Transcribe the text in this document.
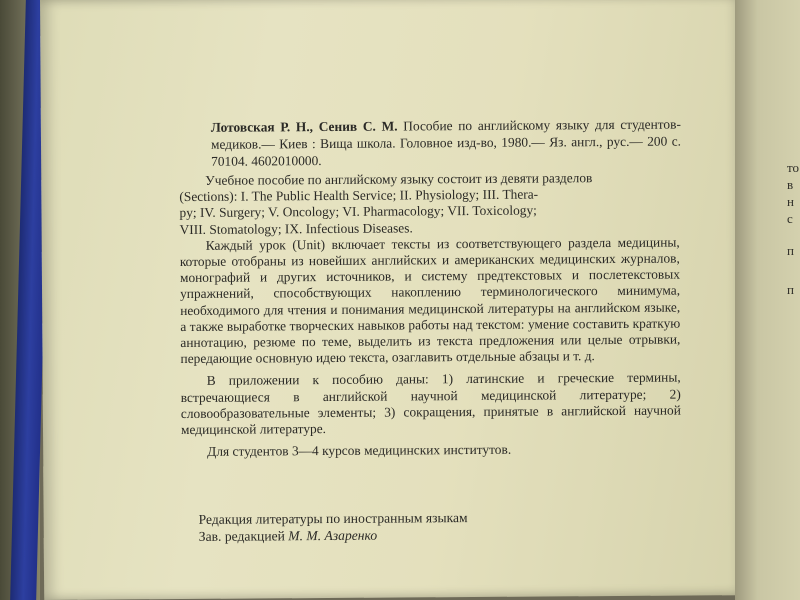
Лотовская Р. Н., Сенив С. М. Пособие по английскому языку для студентов-медиков.— Киев : Вища школа. Головное изд-во, 1980.— Яз. англ., рус.— 200 с. 70104. 4602010000.

Учебное пособие по английскому языку состоит из девяти разделов

(Sections): I. The Public Health Service; II. Physiology; III. Thera-

py; IV. Surgery; V. Oncology; VI. Pharmacology; VII. Toxicology;

VIII. Stomatology; IX. Infectious Diseases.

Каждый урок (Unit) включает тексты из соответствующего раздела медицины, которые отобраны из новейших английских и американских медицинских журналов, монографий и других источников, и систему предтекстовых и послетекстовых упражнений, способствующих накоплению терминологического минимума, необходимого для чтения и понимания медицинской литературы на английском языке, а также выработке творческих навыков работы над текстом: умение составить краткую аннотацию, резюме по теме, выделить из текста предложения или целые отрывки, передающие основную идею текста, озаглавить отдельные абзацы и т. д.

В приложении к пособию даны: 1) латинские и греческие термины, встречающиеся в английской научной медицинской литературе; 2) словообразовательные элементы; 3) сокращения, принятые в английской научной медицинской литературе.

Для студентов 3—4 курсов медицинских институтов.

Редакция литературы по иностранным языкам
Зав. редакцией М. М. Азаренко
то
в
н
с
п
п
